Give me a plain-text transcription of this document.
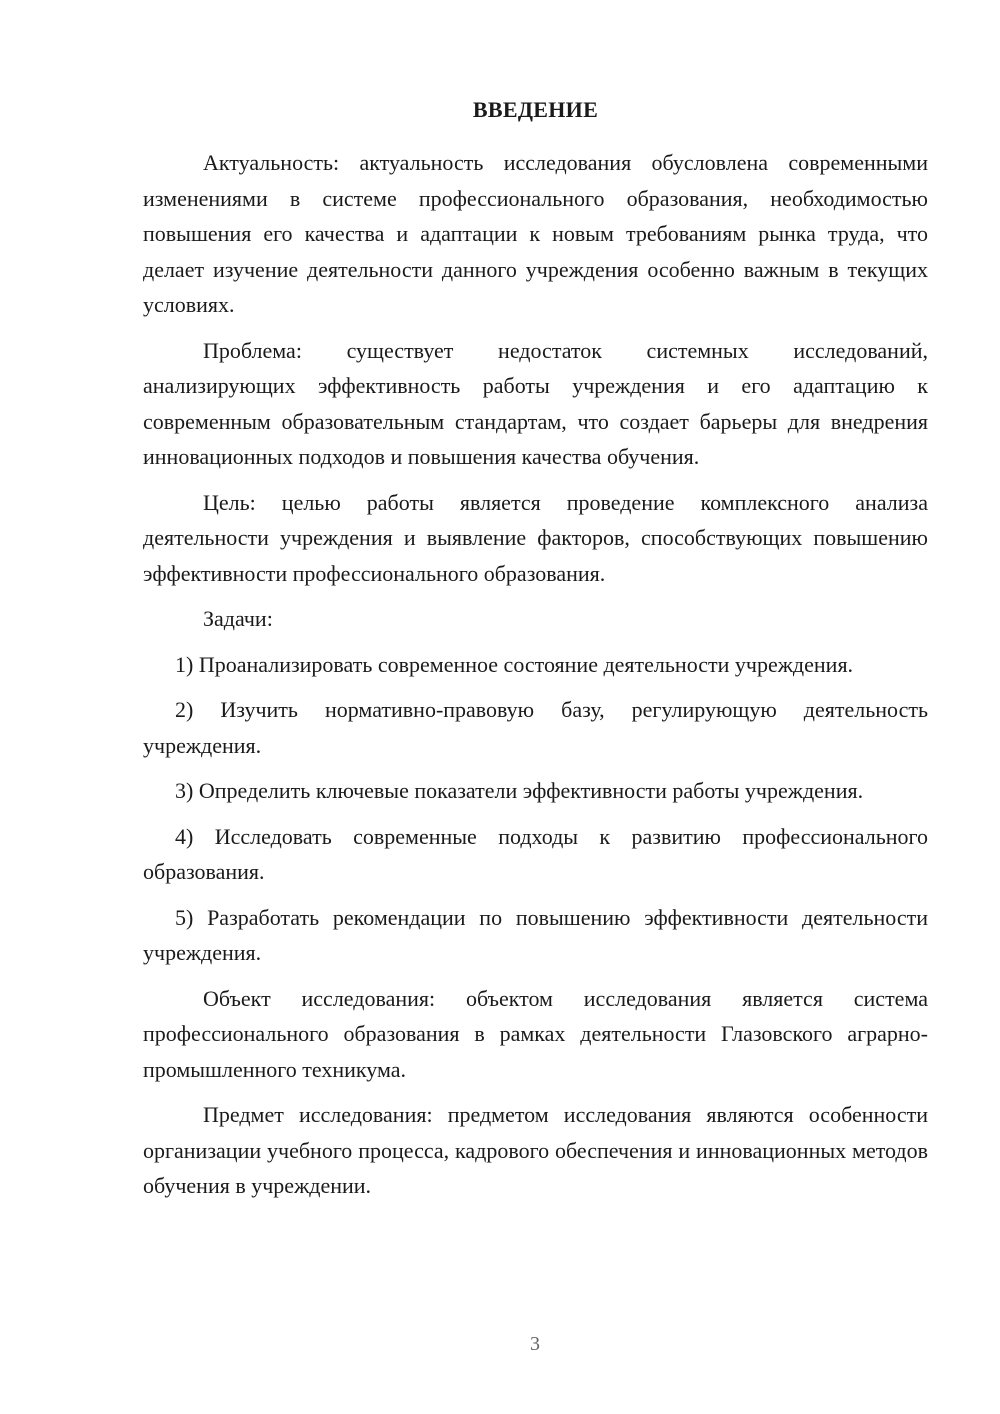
ВВЕДЕНИЕ

Актуальность: актуальность исследования обусловлена современными изменениями в системе профессионального образования, необходимостью повышения его качества и адаптации к новым требованиям рынка труда, что делает изучение деятельности данного учреждения особенно важным в текущих условиях.

Проблема: существует недостаток системных исследований, анализирующих эффективность работы учреждения и его адаптацию к современным образовательным стандартам, что создает барьеры для внедрения инновационных подходов и повышения качества обучения.

Цель: целью работы является проведение комплексного анализа деятельности учреждения и выявление факторов, способствующих повышению эффективности профессионального образования.

Задачи:

1) Проанализировать современное состояние деятельности учреждения.

2) Изучить нормативно-правовую базу, регулирующую деятельность учреждения.

3) Определить ключевые показатели эффективности работы учреждения.

4) Исследовать современные подходы к развитию профессионального образования.

5) Разработать рекомендации по повышению эффективности деятельности учреждения.

Объект исследования: объектом исследования является система профессионального образования в рамках деятельности Глазовского аграрно-промышленного техникума.

Предмет исследования: предметом исследования являются особенности организации учебного процесса, кадрового обеспечения и инновационных методов обучения в учреждении.

3
